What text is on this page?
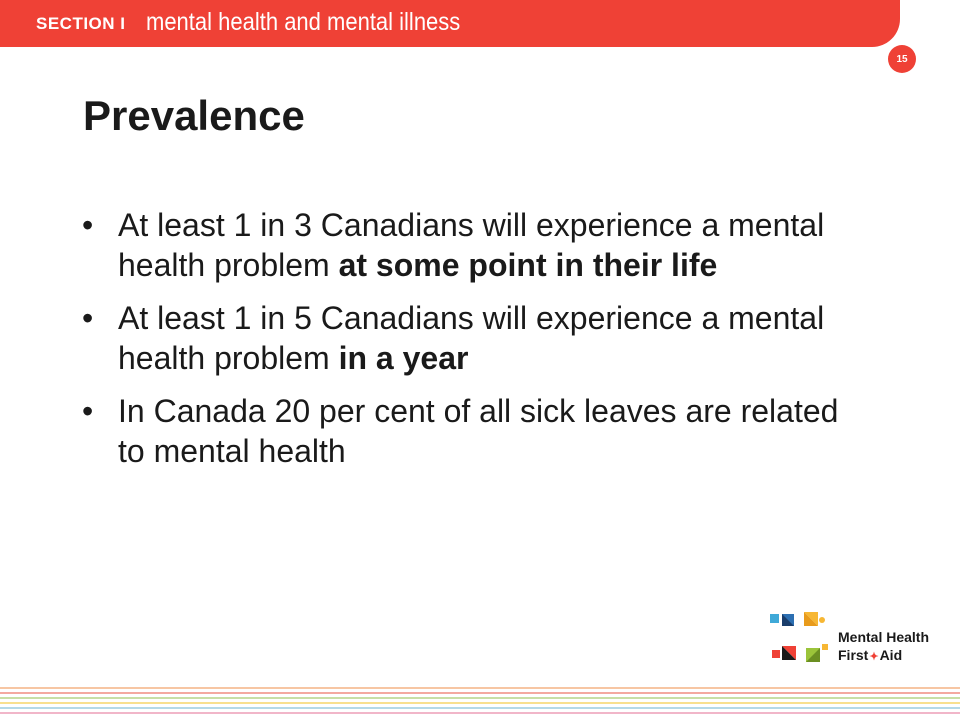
SECTION I mental health and mental illness
15
Prevalence
• At least 1 in 3 Canadians will experience a mental health problem at some point in their life
• At least 1 in 5 Canadians will experience a mental health problem in a year
• In Canada 20 per cent of all sick leaves are related to mental health
Mental Health
First✦Aid
